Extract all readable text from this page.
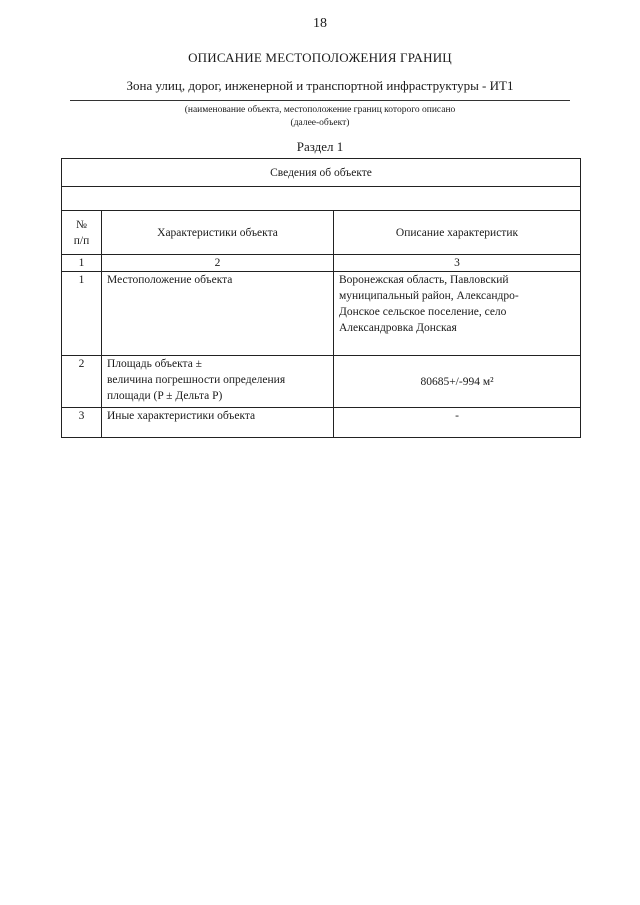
18
ОПИСАНИЕ МЕСТОПОЛОЖЕНИЯ ГРАНИЦ
Зона улиц, дорог, инженерной и транспортной инфраструктуры - ИТ1
(наименование объекта, местоположение границ которого описано
(далее-объект)
Раздел 1
Сведения об объекте		

№
п/п	Характеристики объекта	Описание характеристик
1	2	3
1	Местоположение объекта	Воронежская область, Павловский
муниципальный район, Александро-
Донское сельское поселение, село
Александровка Донская

2	Площадь объекта ±
величина погрешности определения
площади (P ± Дельта P)	80685+/-994 м²
3	Иные характеристики объекта	-
